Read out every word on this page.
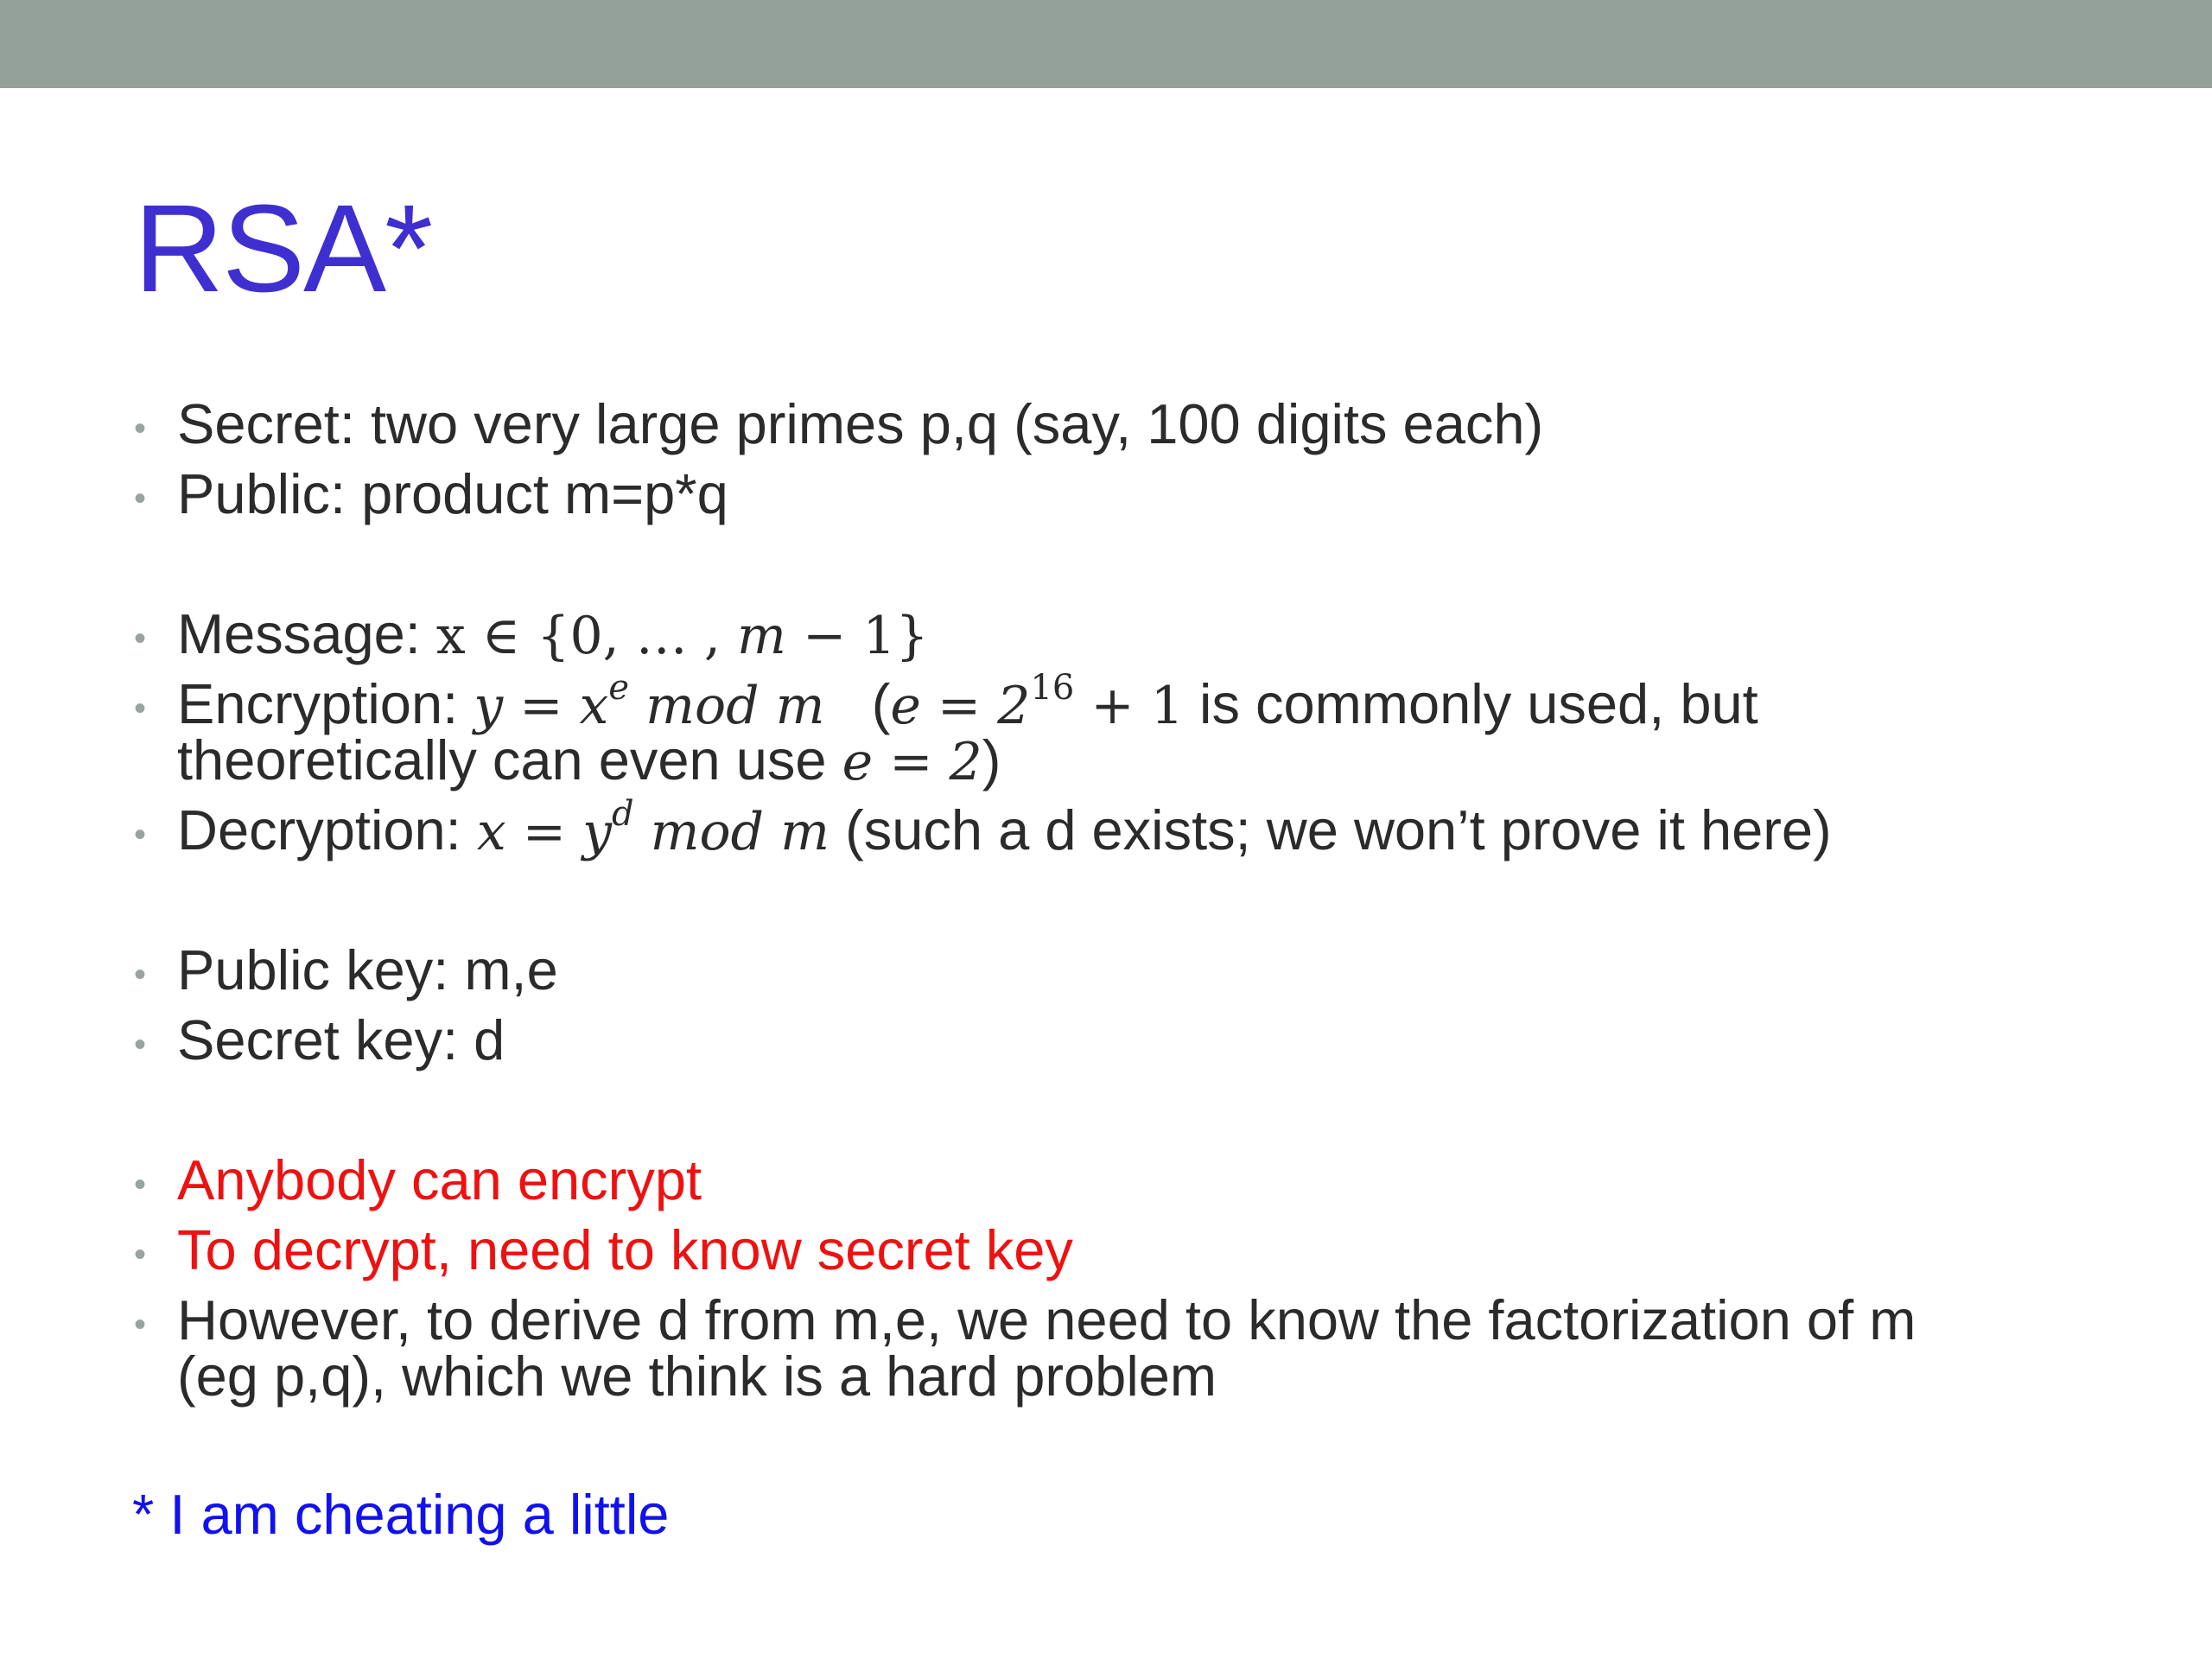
RSA*
• Secret: two very large primes p,q (say, 100 digits each)
• Public: product m=p*q
• Message: x ∈ {0, … , m − 1}
• Encryption: $y = x^e$ mod m   ($e = 2^{16} + 1$ is commonly used, but
theoretically can even use e = 2)
• Decryption: $x = y^d$ mod m (such a d exists; we won’t prove it here)
• Public key: m,e
• Secret key: d
• Anybody can encrypt
• To decrypt, need to know secret key
• However, to derive d from m,e, we need to know the factorization of m
(eg p,q), which we think is a hard problem
* I am cheating a little
